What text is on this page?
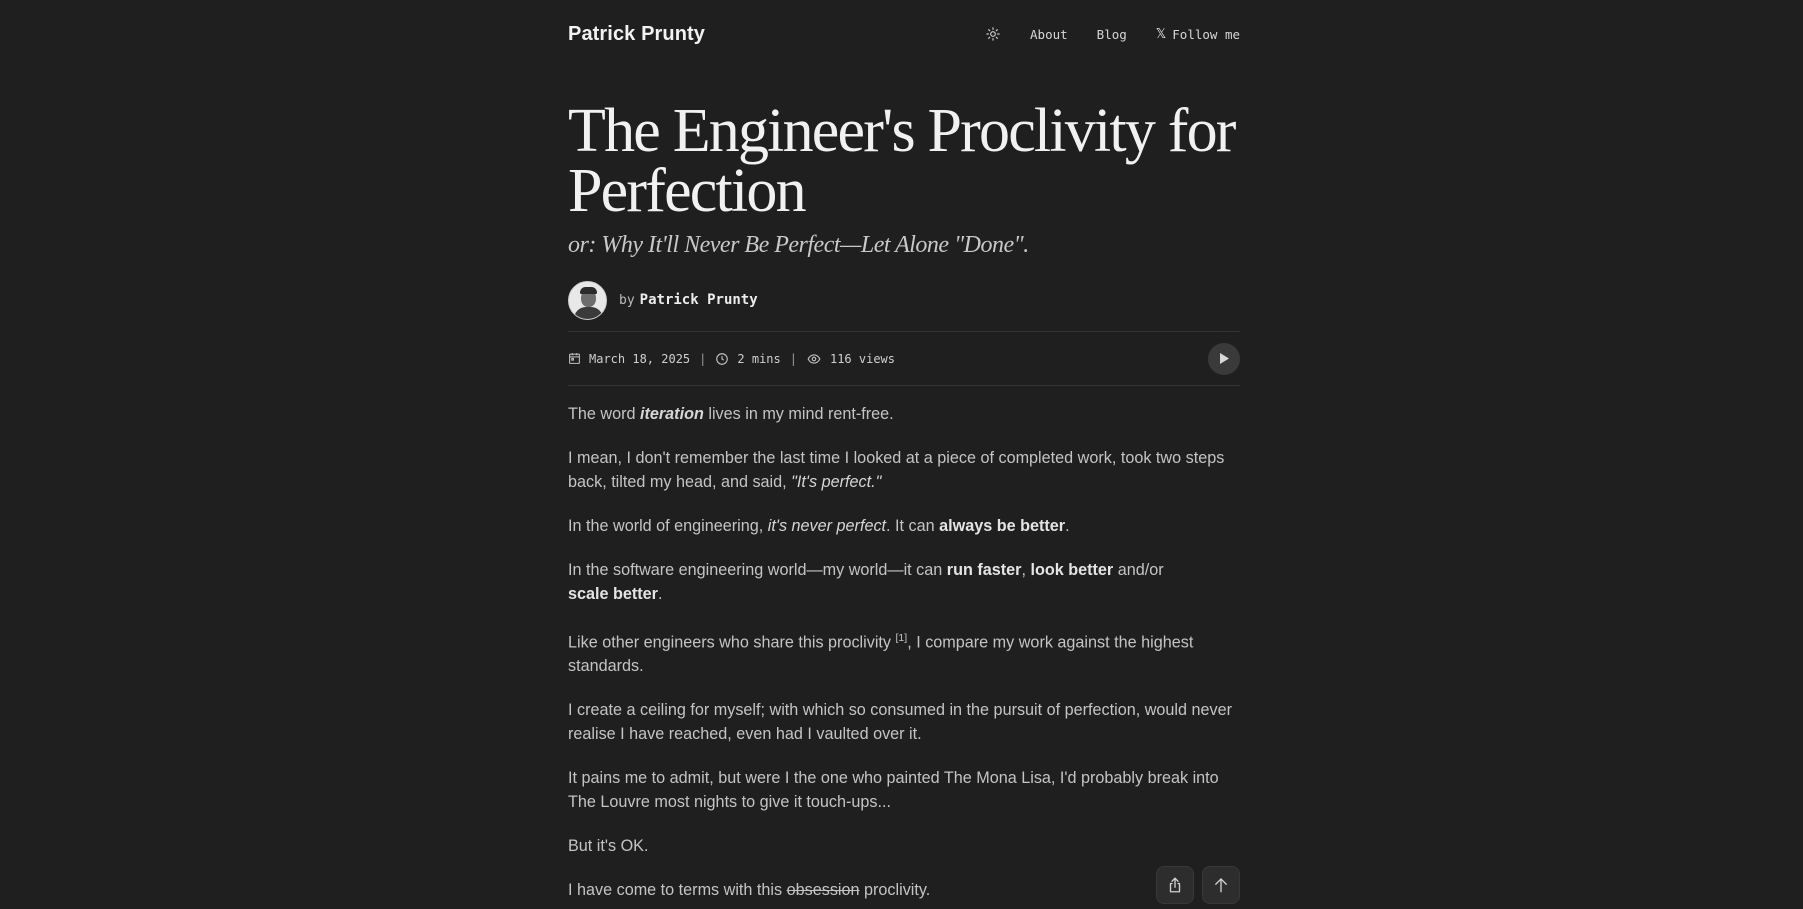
Patrick Prunty	About Blog 𝕏 Follow me
The Engineer's Proclivity for Perfection
or: Why It'll Never Be Perfect—Let Alone "Done".
by Patrick Prunty
March 18, 2025 |	2 mins |	116 views

The word iteration lives in my mind rent-free.

I mean, I don't remember the last time I looked at a piece of completed work, took two steps back, tilted my head, and said, "It's perfect."

In the world of engineering, it's never perfect. It can always be better.

In the software engineering world—my world—it can run faster, look better and/or
scale better.

Like other engineers who share this proclivity [1], I compare my work against the highest standards.

I create a ceiling for myself; with which so consumed in the pursuit of perfection, would never realise I have reached, even had I vaulted over it.

It pains me to admit, but were I the one who painted The Mona Lisa, I'd probably break into The Louvre most nights to give it touch-ups...

But it's OK.

I have come to terms with this obsession proclivity.
